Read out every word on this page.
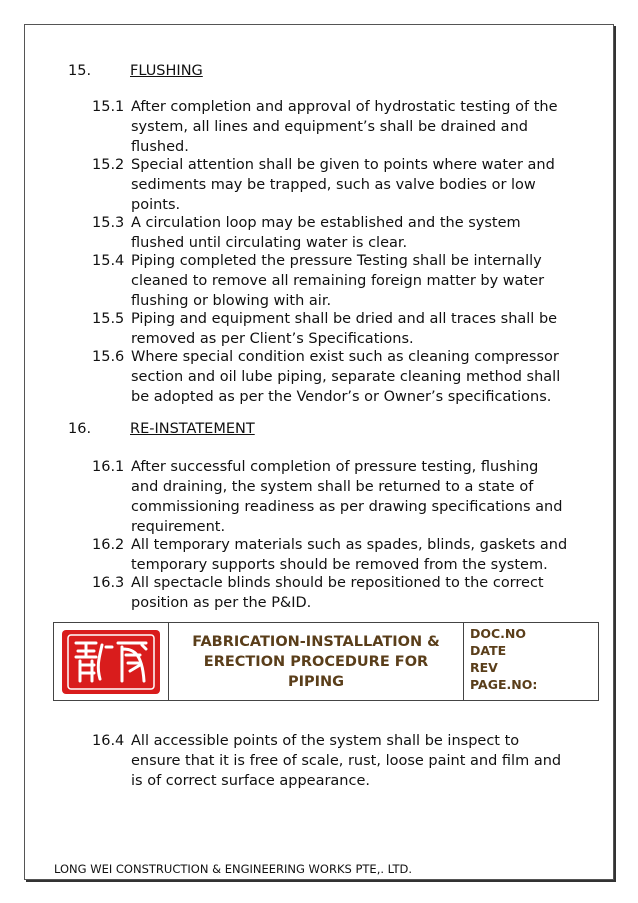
15.	FLUSHING
15.1 After completion and approval of hydrostatic testing of the
system, all lines and equipment’s shall be drained and
flushed.
15.2 Special attention shall be given to points where water and
sediments may be trapped, such as valve bodies or low
points.
15.3 A circulation loop may be established and the system
flushed until circulating water is clear.
15.4 Piping completed the pressure Testing shall be internally
cleaned to remove all remaining foreign matter by water
flushing or blowing with air.
15.5 Piping and equipment shall be dried and all traces shall be
removed as per Client’s Specifications.
15.6 Where special condition exist such as cleaning compressor
section and oil lube piping, separate cleaning method shall
be adopted as per the Vendor’s or Owner’s specifications.
16.	RE-INSTATEMENT
16.1 After successful completion of pressure testing, flushing
and draining, the system shall be returned to a state of
commissioning readiness as per drawing specifications and
requirement.
16.2 All temporary materials such as spades, blinds, gaskets and
temporary supports should be removed from the system.
16.3 All spectacle blinds should be repositioned to the correct
position as per the P&ID.
FABRICATION-INSTALLATION &
ERECTION PROCEDURE FOR
PIPING
DOC.NO
DATE
REV
PAGE.NO:
16.4 All accessible points of the system shall be inspect to
ensure that it is free of scale, rust, loose paint and film and
is of correct surface appearance.
LONG WEI CONSTRUCTION & ENGINEERING WORKS PTE,. LTD.
